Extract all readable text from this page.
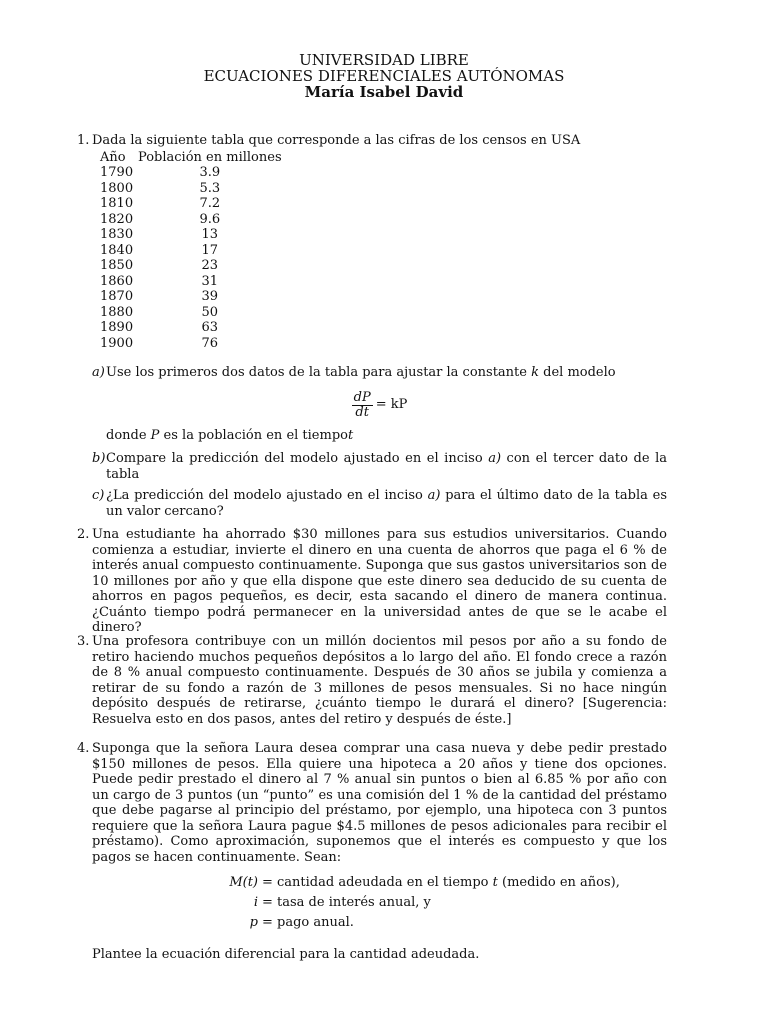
UNIVERSIDAD LIBRE
ECUACIONES DIFERENCIALES AUTÓNOMAS
María Isabel David
1. Dada la siguiente tabla que corresponde a las cifras de los censos en USA
Año	Población en millones
1790	3.9
1800	5.3
1810	7.2
1820	9.6
1830	13
1840	17
1850	23
1860	31
1870	39
1880	50
1890	63
1900	76
a) Use los primeros dos datos de la tabla para ajustar la constante k del modelo
$\frac{dP}{dt}$ = kP
donde P es la población en el tiempot
b) Compare la predicción del modelo ajustado en el inciso a) con el tercer dato de la tabla
c) ¿La predicción del modelo ajustado en el inciso a) para el último dato de la tabla es un valor cercano?
2. Una estudiante ha ahorrado $30 millones para sus estudios universitarios. Cuando comienza a estudiar, invierte el dinero en una cuenta de ahorros que paga el 6 % de interés anual compuesto continuamente. Suponga que sus gastos universitarios son de 10 millones por año y que ella dispone que este dinero sea deducido de su cuenta de ahorros en pagos pequeños, es decir, esta sacando el dinero de manera continua. ¿Cuánto tiempo podrá permanecer en la universidad antes de que se le acabe el dinero?
3. Una profesora contribuye con un millón docientos mil pesos por año a su fondo de retiro haciendo muchos pequeños depósitos a lo largo del año. El fondo crece a razón de 8 % anual compuesto continuamente. Después de 30 años se jubila y comienza a retirar de su fondo a razón de 3 millones de pesos mensuales. Si no hace ningún depósito después de retirarse, ¿cuánto tiempo le durará el dinero? [Sugerencia: Resuelva esto en dos pasos, antes del retiro y después de éste.]
4. Suponga que la señora Laura desea comprar una casa nueva y debe pedir prestado $150 millones de pesos. Ella quiere una hipoteca a 20 años y tiene dos opciones. Puede pedir prestado el dinero al 7 % anual sin puntos o bien al 6.85 % por año con un cargo de 3 puntos (un “punto” es una comisión del 1 % de la cantidad del préstamo que debe pagarse al principio del préstamo, por ejemplo, una hipoteca con 3 puntos requiere que la señora Laura pague $4.5 millones de pesos adicionales para recibir el préstamo). Como aproximación, suponemos que el interés es compuesto y que los pagos se hacen continuamente. Sean:
M(t) = cantidad adeudada en el tiempo t (medido en años),
i = tasa de interés anual, y
p = pago anual.
Plantee la ecuación diferencial para la cantidad adeudada.
